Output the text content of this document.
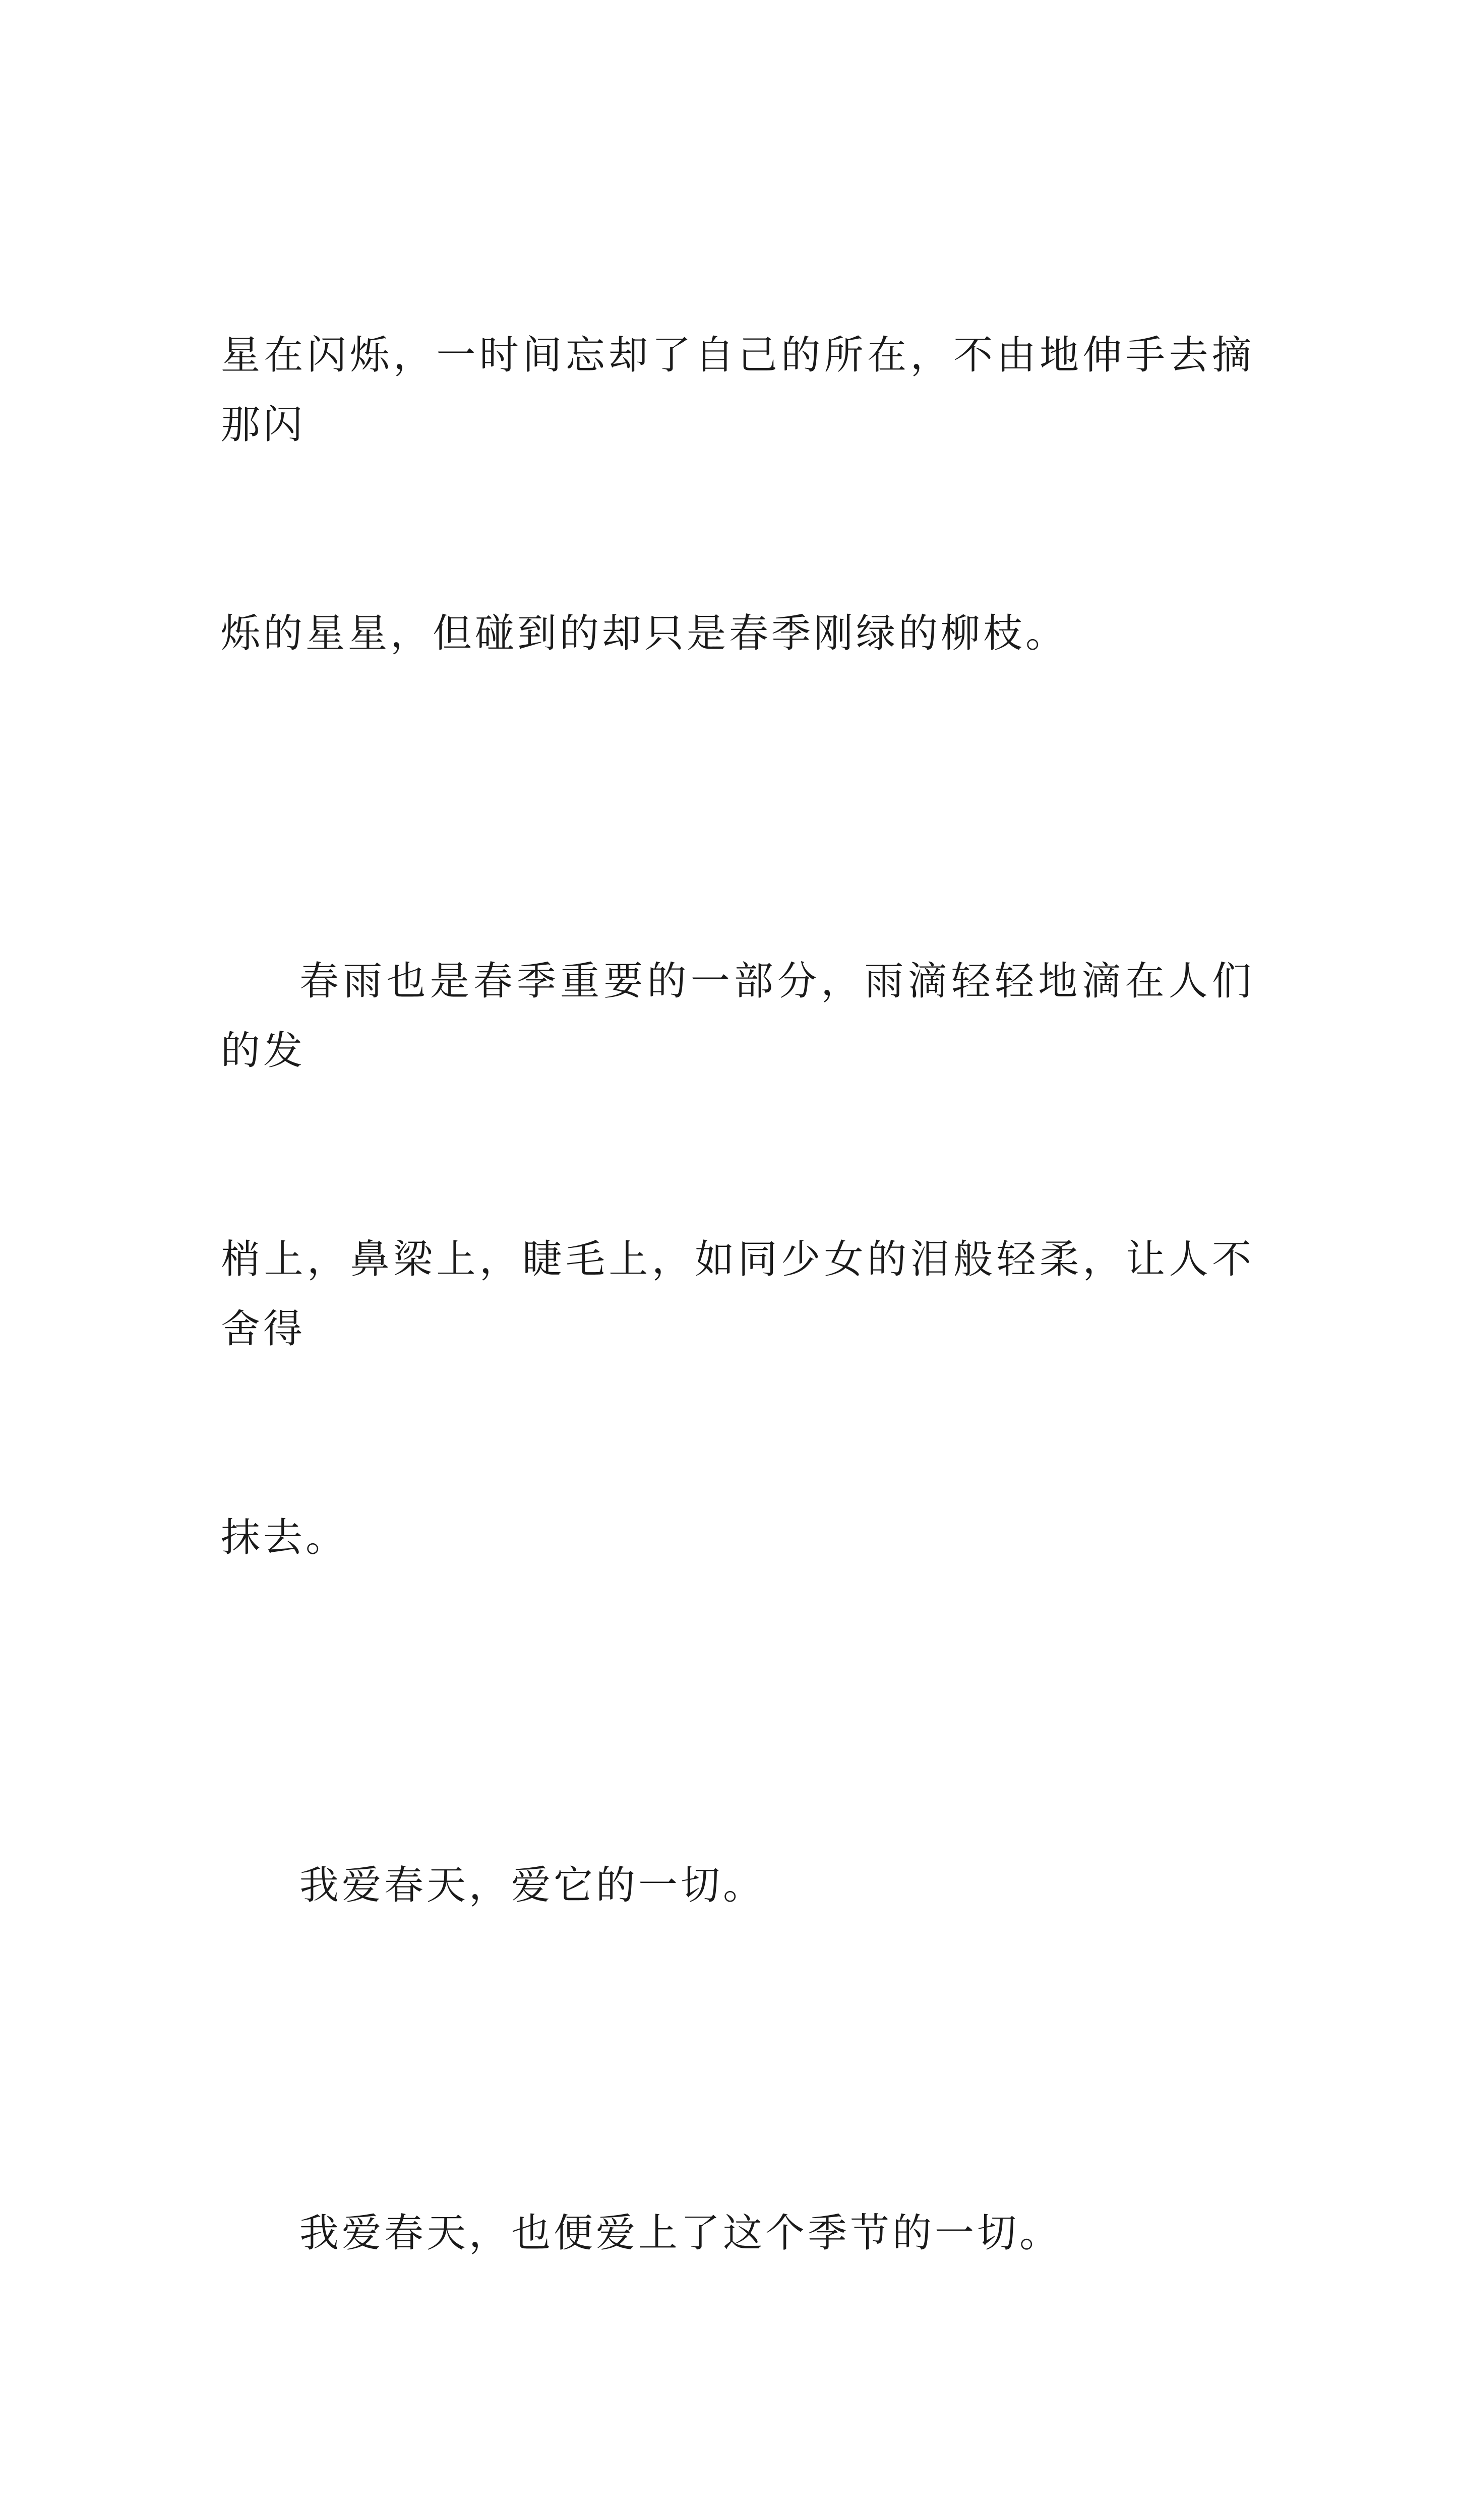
星在闪烁，一时间忘却了自己的所在，不由地伸手去摘那闪

烁的星星，但碰到的却只是春季刚绿的柳枝。

春雨也是春季重要的一部分，雨滴轻轻地滴在人们的发

梢上，鼻梁上，睫毛上，如同少女的泪般轻柔，让人不舍得

抹去。

我爱春天，爱它的一切。

我爱春天，也便爱上了这个季节的一切。
